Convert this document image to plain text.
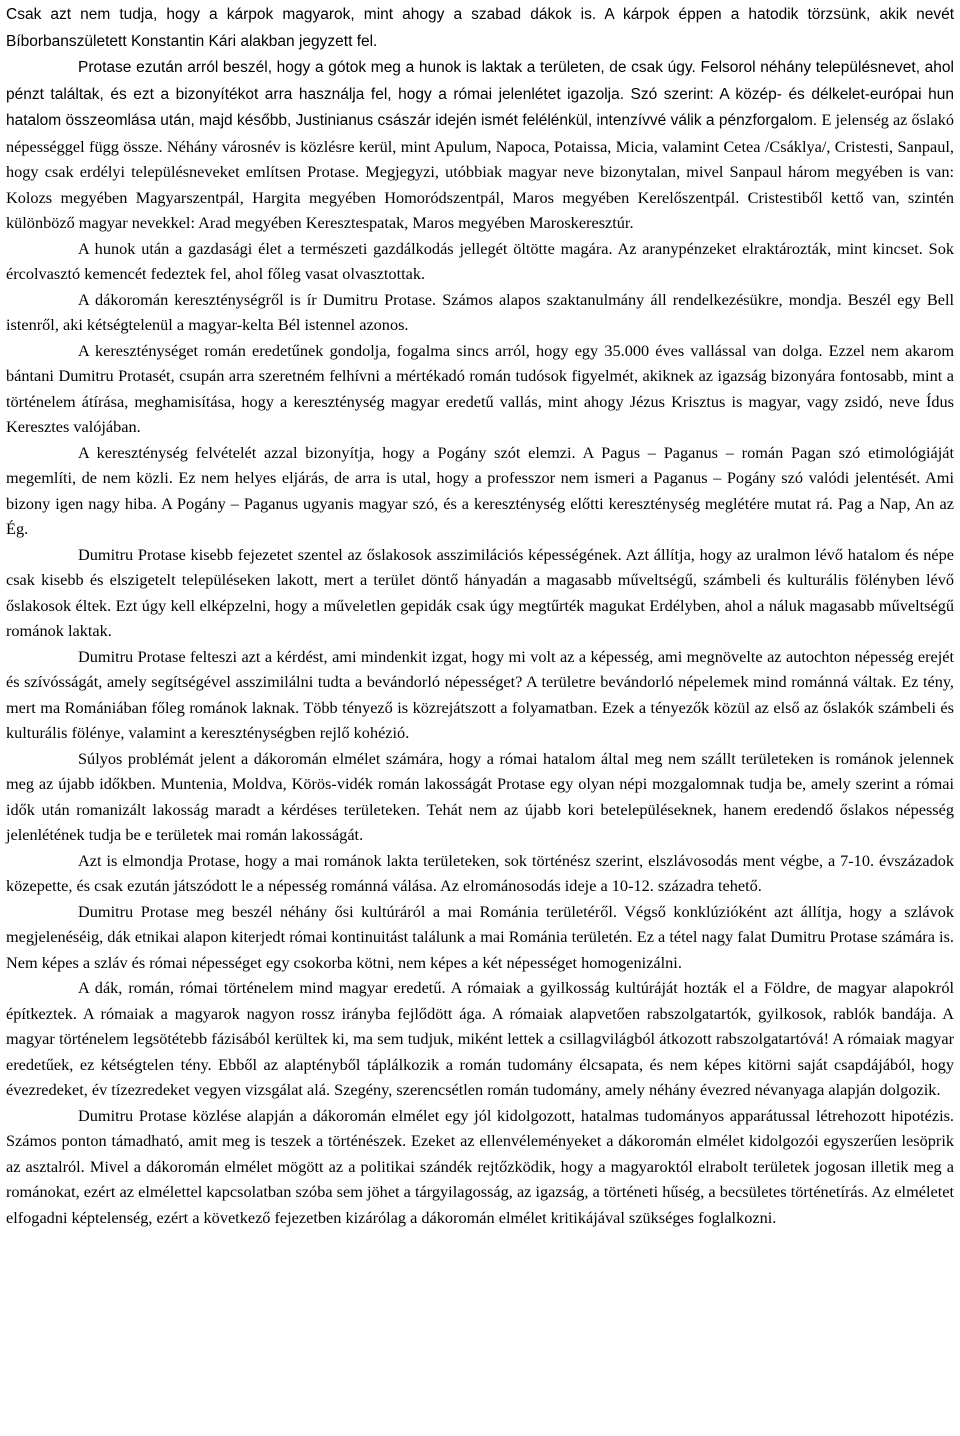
Csak azt nem tudja, hogy a kárpok magyarok, mint ahogy a szabad dákok is. A kárpok éppen a hatodik törzsünk, akik nevét Bíborbanszületett Konstantin Kári alakban jegyzett fel.

Protase ezután arról beszél, hogy a gótok meg a hunok is laktak a területen, de csak úgy. Felsorol néhány településnevet, ahol pénzt találtak, és ezt a bizonyítékot arra használja fel, hogy a római jelenlétet igazolja. Szó szerint: A közép- és délkelet-európai hun hatalom összeomlása után, majd később, Justinianus császár idején ismét felélénkül, intenzívvé válik a pénzforgalom. E jelenség az őslakó népességgel függ össze. Néhány városnév is közlésre kerül, mint Apulum, Napoca, Potaissa, Micia, valamint Cetea /Csáklya/, Cristesti, Sanpaul, hogy csak erdélyi településneveket említsen Protase. Megjegyzi, utóbbiak magyar neve bizonytalan, mivel Sanpaul három megyében is van: Kolozs megyében Magyarszentpál, Hargita megyében Homoródszentpál, Maros megyében Kerelőszentpál. Cristestiből kettő van, szintén különböző magyar nevekkel: Arad megyében Keresztespatak, Maros megyében Maroskeresztúr.

A hunok után a gazdasági élet a természeti gazdálkodás jellegét öltötte magára. Az aranypénzeket elraktározták, mint kincset. Sok ércolvasztó kemencét fedeztek fel, ahol főleg vasat olvasztottak.

A dákoromán kereszténységről is ír Dumitru Protase. Számos alapos szaktanulmány áll rendelkezésükre, mondja. Beszél egy Bell istenről, aki kétségtelenül a magyar-kelta Bél istennel azonos.

A kereszténységet román eredetűnek gondolja, fogalma sincs arról, hogy egy 35.000 éves vallással van dolga. Ezzel nem akarom bántani Dumitru Protasét, csupán arra szeretném felhívni a mértékadó román tudósok figyelmét, akiknek az igazság bizonyára fontosabb, mint a történelem átírása, meghamisítása, hogy a kereszténység magyar eredetű vallás, mint ahogy Jézus Krisztus is magyar, vagy zsidó, neve Ídus Keresztes valójában.

A kereszténység felvételét azzal bizonyítja, hogy a Pogány szót elemzi. A Pagus – Paganus – román Pagan szó etimológiáját megemlíti, de nem közli. Ez nem helyes eljárás, de arra is utal, hogy a professzor nem ismeri a Paganus – Pogány szó valódi jelentését. Ami bizony igen nagy hiba. A Pogány – Paganus ugyanis magyar szó, és a kereszténység előtti kereszténység meglétére mutat rá. Pag a Nap, An az Ég.

Dumitru Protase kisebb fejezetet szentel az őslakosok asszimilációs képességének. Azt állítja, hogy az uralmon lévő hatalom és népe csak kisebb és elszigetelt településeken lakott, mert a terület döntő hányadán a magasabb műveltségű, számbeli és kulturális fölényben lévő őslakosok éltek. Ezt úgy kell elképzelni, hogy a műveletlen gepidák csak úgy megtűrték magukat Erdélyben, ahol a náluk magasabb műveltségű románok laktak.

Dumitru Protase felteszi azt a kérdést, ami mindenkit izgat, hogy mi volt az a képesség, ami megnövelte az autochton népesség erejét és szívósságát, amely segítségével asszimilálni tudta a bevándorló népességet? A területre bevándorló népelemek mind románná váltak. Ez tény, mert ma Romániában főleg románok laknak. Több tényező is közrejátszott a folyamatban. Ezek a tényezők közül az első az őslakók számbeli és kulturális fölénye, valamint a kereszténységben rejlő kohézió.

Súlyos problémát jelent a dákoromán elmélet számára, hogy a római hatalom által meg nem szállt területeken is románok jelennek meg az újabb időkben. Muntenia, Moldva, Körös-vidék román lakosságát Protase egy olyan népi mozgalomnak tudja be, amely szerint a római idők után romanizált lakosság maradt a kérdéses területeken. Tehát nem az újabb kori betelepüléseknek, hanem eredendő őslakos népesség jelenlétének tudja be e területek mai román lakosságát.

Azt is elmondja Protase, hogy a mai románok lakta területeken, sok történész szerint, elszlávosodás ment végbe, a 7-10. évszázadok közepette, és csak ezután játszódott le a népesség románná válása. Az elrománosodás ideje a 10-12. századra tehető.

Dumitru Protase meg beszél néhány ősi kultúráról a mai Románia területéről. Végső konklúzióként azt állítja, hogy a szlávok megjelenéséig, dák etnikai alapon kiterjedt római kontinuitást találunk a mai Románia területén. Ez a tétel nagy falat Dumitru Protase számára is. Nem képes a szláv és római népességet egy csokorba kötni, nem képes a két népességet homogenizálni.

A dák, román, római történelem mind magyar eredetű. A rómaiak a gyilkosság kultúráját hozták el a Földre, de magyar alapokról építkeztek. A rómaiak a magyarok nagyon rossz irányba fejlődött ága. A rómaiak alapvetően rabszolgatartók, gyilkosok, rablók bandája. A magyar történelem legsötétebb fázisából kerültek ki, ma sem tudjuk, miként lettek a csillagvilágból átkozott rabszolgatartóvá! A rómaiak magyar eredetűek, ez kétségtelen tény. Ebből az alaptényből táplálkozik a román tudomány élcsapata, és nem képes kitörni saját csapdájából, hogy évezredeket, év tízezredeket vegyen vizsgálat alá. Szegény, szerencsétlen román tudomány, amely néhány évezred névanyaga alapján dolgozik.

Dumitru Protase közlése alapján a dákoromán elmélet egy jól kidolgozott, hatalmas tudományos apparátussal létrehozott hipotézis. Számos ponton támadható, amit meg is teszek a történészek. Ezeket az ellenvéleményeket a dákoromán elmélet kidolgozói egyszerűen lesöprik az asztalról. Mivel a dákoromán elmélet mögött az a politikai szándék rejtőzködik, hogy a magyaroktól elrabolt területek jogosan illetik meg a románokat, ezért az elmélettel kapcsolatban szóba sem jöhet a tárgyilagosság, az igazság, a történeti hűség, a becsületes történetírás. Az elméletet elfogadni képtelenség, ezért a következő fejezetben kizárólag a dákoromán elmélet kritikájával szükséges foglalkozni.
